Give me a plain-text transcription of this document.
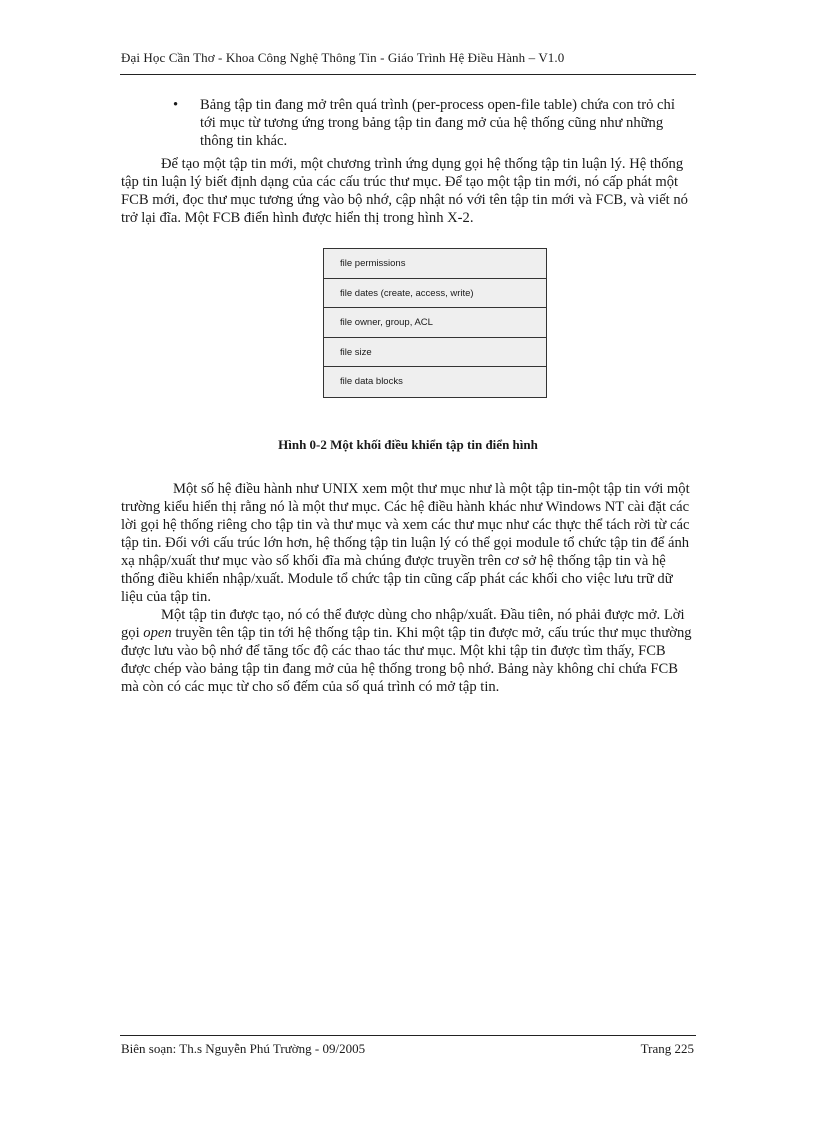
Đại Học Cần Thơ - Khoa Công Nghệ Thông Tin - Giáo Trình Hệ Điều Hành – V1.0
• Bảng tập tin đang mở trên quá trình (per-process open-file table) chứa con trỏ chỉ tới mục từ tương ứng trong bảng tập tin đang mở của hệ thống cũng như những thông tin khác.
Để tạo một tập tin mới, một chương trình ứng dụng gọi hệ thống tập tin luận lý. Hệ thống tập tin luận lý biết định dạng của các cấu trúc thư mục. Để tạo một tập tin mới, nó cấp phát một FCB mới, đọc thư mục tương ứng vào bộ nhớ, cập nhật nó với tên tập tin mới và FCB, và viết nó trở lại đĩa. Một FCB điển hình được hiển thị trong hình X-2.
file permissions
file dates (create, access, write)
file owner, group, ACL
file size
file data blocks
Hình 0-2 Một khối điều khiển tập tin điển hình
Một số hệ điều hành như UNIX xem một thư mục như là một tập tin-một tập tin với một trường kiểu hiển thị rằng nó là một thư mục. Các hệ điều hành khác như Windows NT cài đặt các lời gọi hệ thống riêng cho tập tin và thư mục và xem các thư mục như các thực thể tách rời từ các tập tin. Đối với cấu trúc lớn hơn, hệ thống tập tin luận lý có thể gọi module tổ chức tập tin để ánh xạ nhập/xuất thư mục vào số khối đĩa mà chúng được truyền trên cơ sở hệ thống tập tin và hệ thống điều khiển nhập/xuất. Module tổ chức tập tin cũng cấp phát các khối cho việc lưu trữ dữ liệu của tập tin.
Một tập tin được tạo, nó có thể được dùng cho nhập/xuất. Đầu tiên, nó phải được mở. Lời gọi open truyền tên tập tin tới hệ thống tập tin. Khi một tập tin được mở, cấu trúc thư mục thường được lưu vào bộ nhớ để tăng tốc độ các thao tác thư mục. Một khi tập tin được tìm thấy, FCB được chép vào bảng tập tin đang mở của hệ thống trong bộ nhớ. Bảng này không chỉ chứa FCB mà còn có các mục từ cho số đếm của số quá trình có mở tập tin.
Biên soạn: Th.s Nguyễn Phú Trường - 09/2005	Trang 225
